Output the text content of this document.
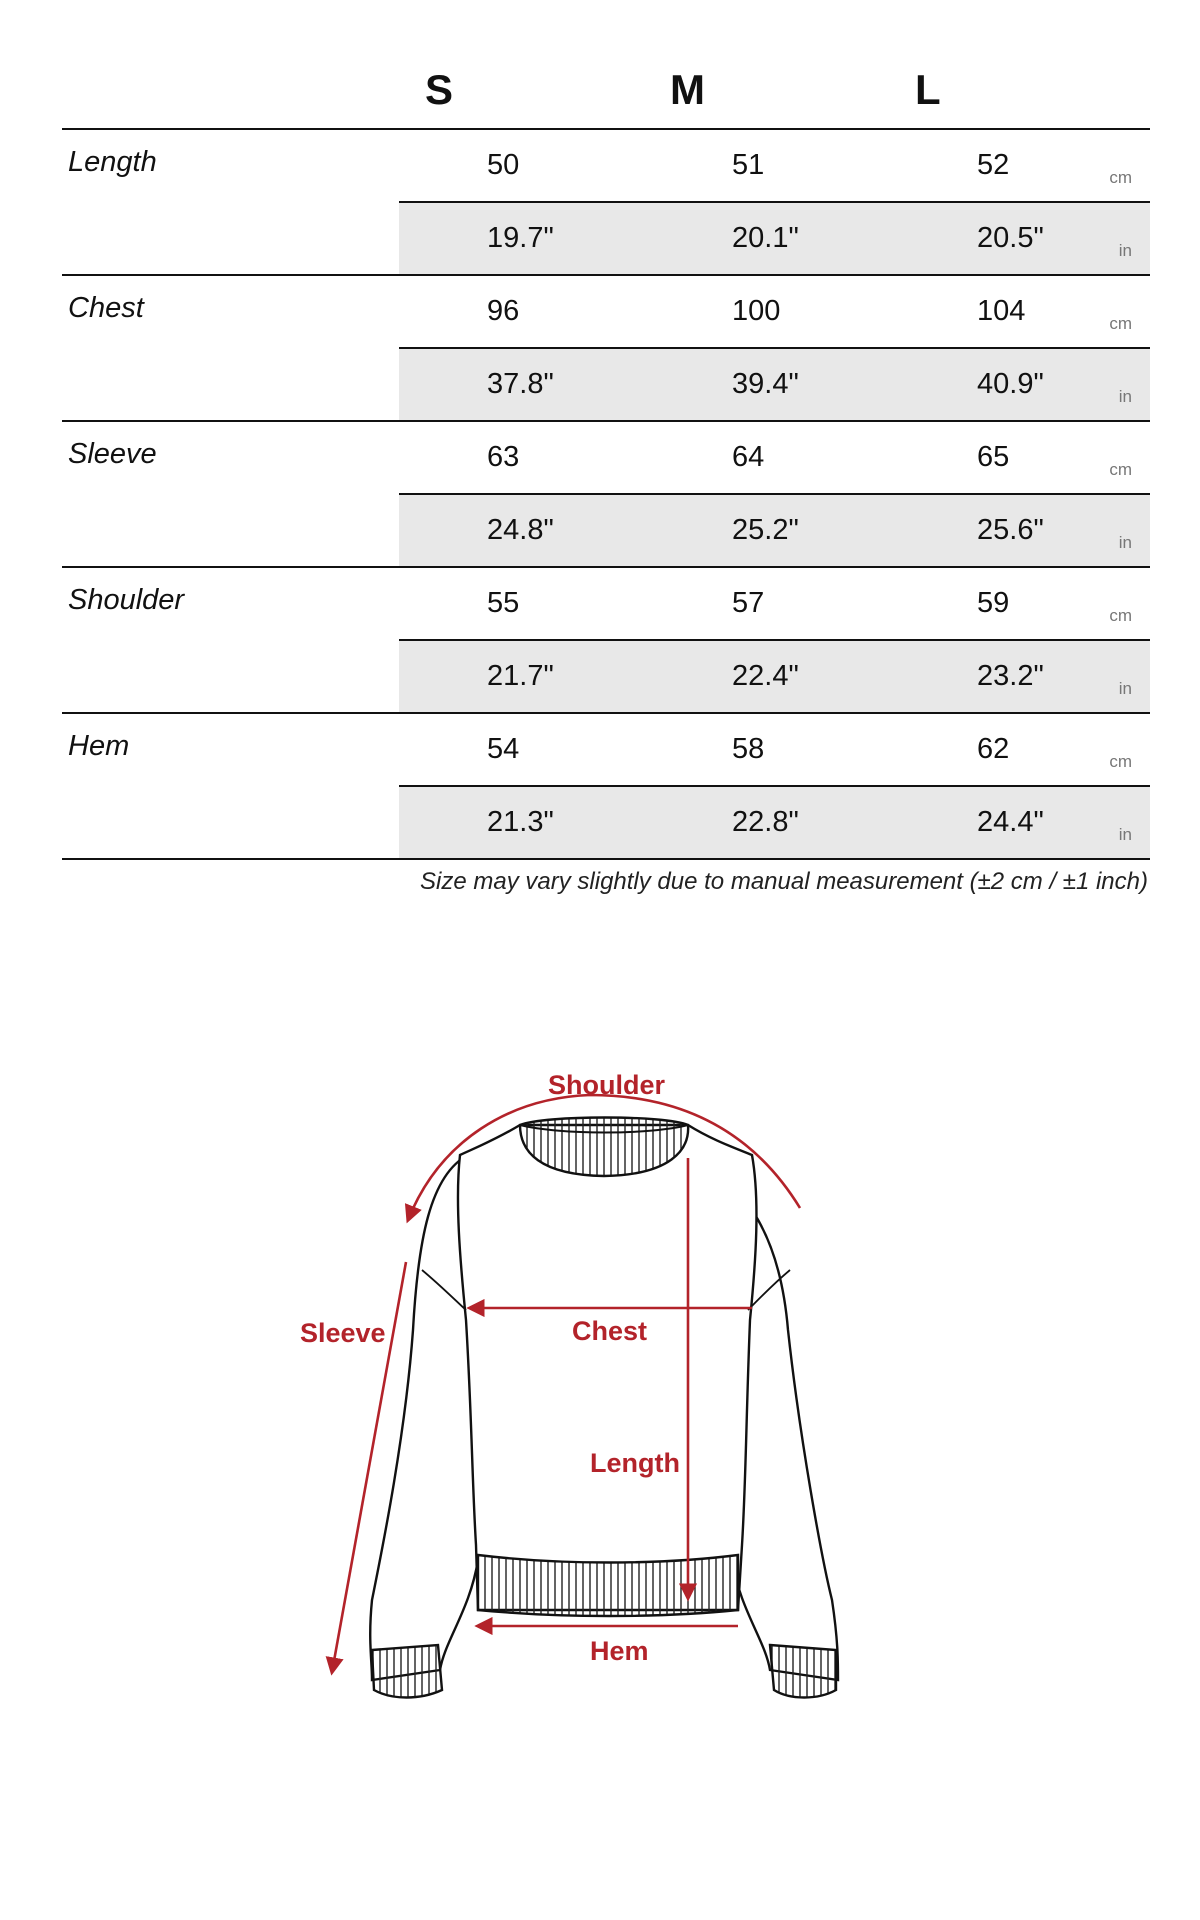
S	M	L
Length	50	51	52	cm
19.7"	20.1"	20.5"	in
Chest	96	100	104	cm
37.8"	39.4"	40.9"	in
Sleeve	63	64	65	cm
24.8"	25.2"	25.6"	in
Shoulder	55	57	59	cm
21.7"	22.4"	23.2"	in
Hem	54	58	62	cm
21.3"	22.8"	24.4"	in
Size may vary slightly due to manual measurement (±2 cm / ±1 inch)
Shoulder
Sleeve	Chest
Length
Hem
